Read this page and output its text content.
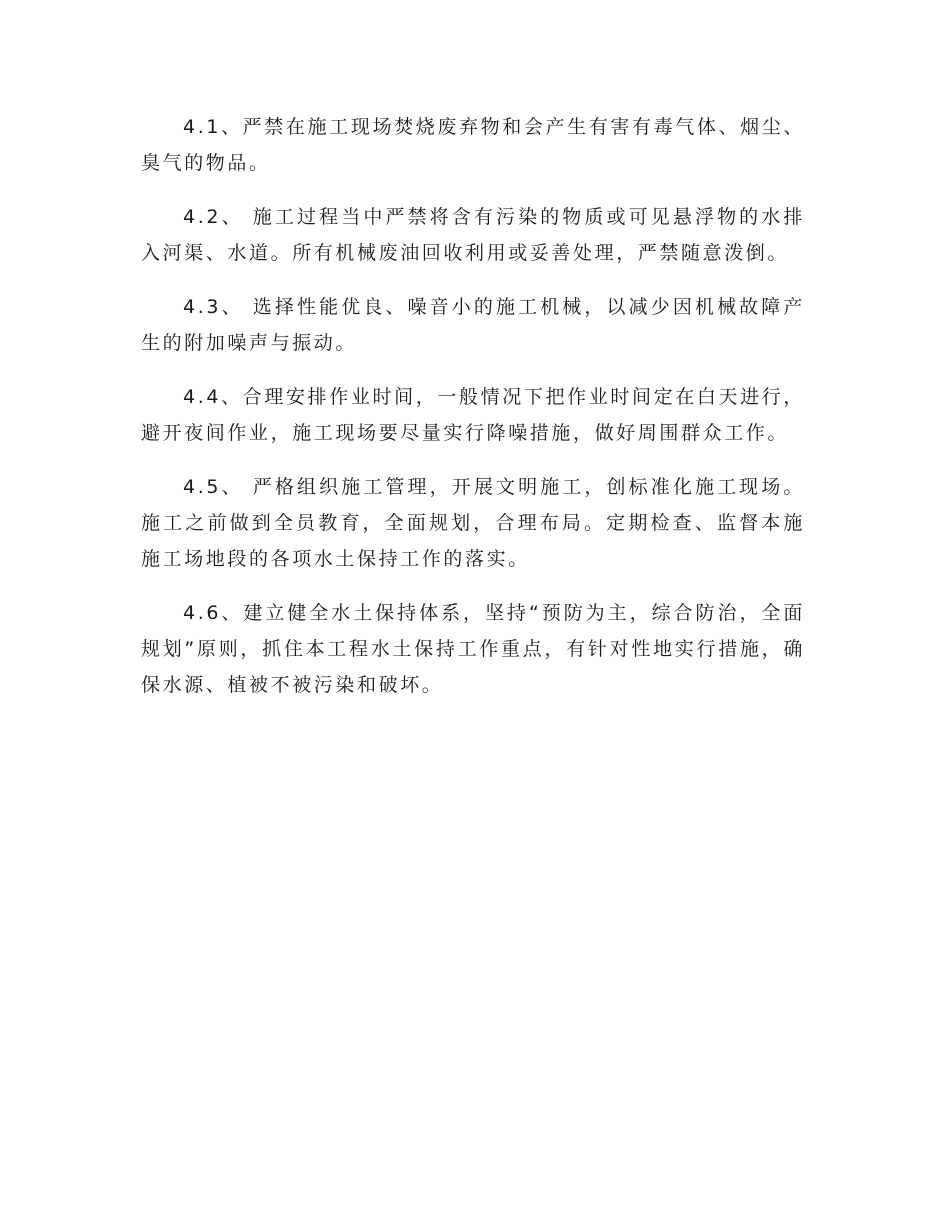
4.1、严禁在施工现场焚烧废弃物和会产生有害有毒气体、烟尘、臭气的物品。

4.2、 施工过程当中严禁将含有污染的物质或可见悬浮物的水排入河渠、水道。所有机械废油回收利用或妥善处理，严禁随意泼倒。

4.3、 选择性能优良、噪音小的施工机械，以减少因机械故障产生的附加噪声与振动。

4.4、合理安排作业时间，一般情况下把作业时间定在白天进行，避开夜间作业，施工现场要尽量实行降噪措施，做好周围群众工作。

4.5、 严格组织施工管理，开展文明施工，创标准化施工现场。施工之前做到全员教育，全面规划，合理布局。定期检查、监督本施施工场地段的各项水土保持工作的落实。

4.6、建立健全水土保持体系，坚持“预防为主，综合防治，全面规划”原则，抓住本工程水土保持工作重点，有针对性地实行措施，确保水源、植被不被污染和破坏。
